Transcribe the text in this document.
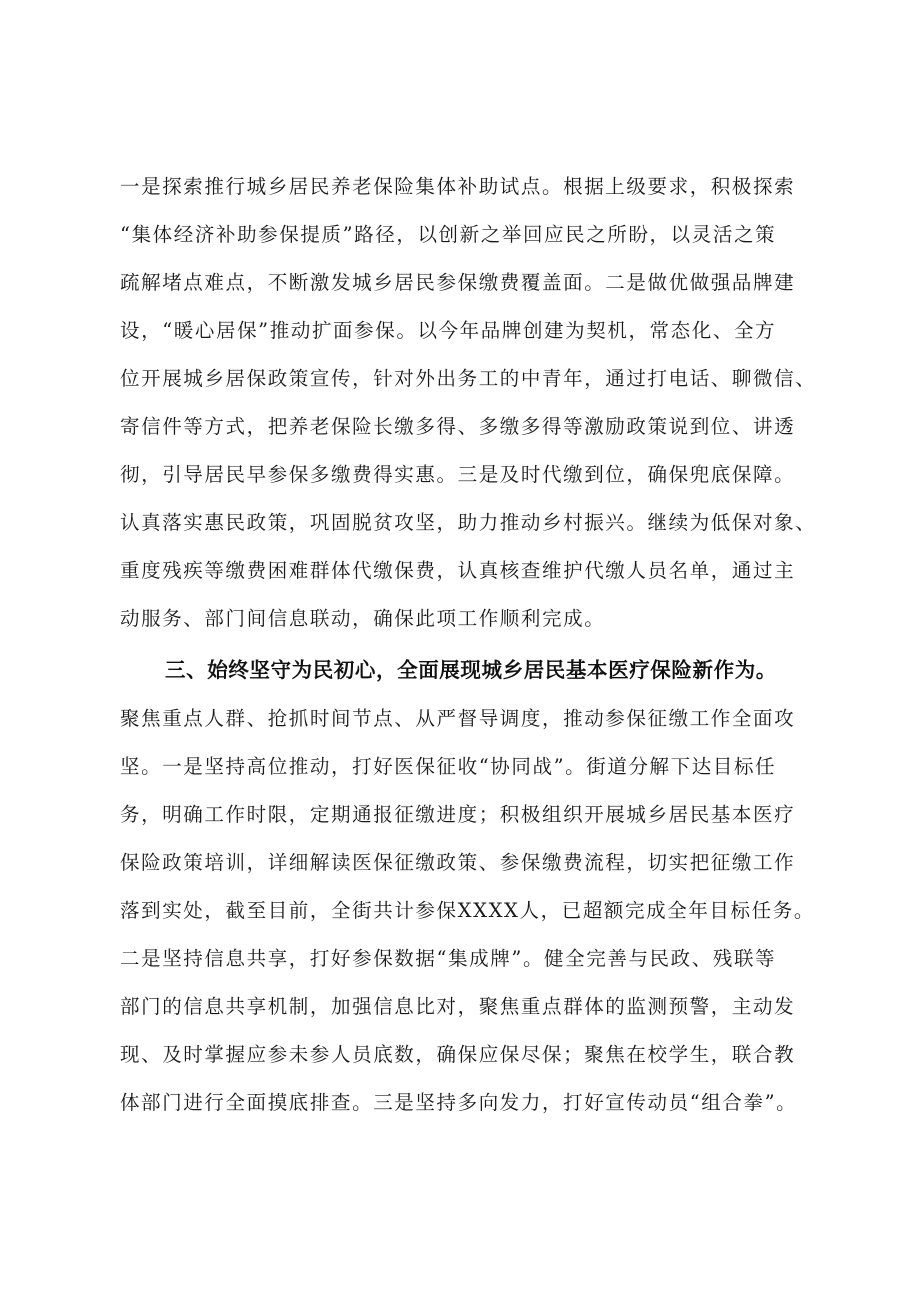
一是探索推行城乡居民养老保险集体补助试点。根据上级要求，积极探索
“集体经济补助参保提质”路径，以创新之举回应民之所盼，以灵活之策
疏解堵点难点，不断激发城乡居民参保缴费覆盖面。二是做优做强品牌建
设，“暖心居保”推动扩面参保。以今年品牌创建为契机，常态化、全方
位开展城乡居保政策宣传，针对外出务工的中青年，通过打电话、聊微信、
寄信件等方式，把养老保险长缴多得、多缴多得等激励政策说到位、讲透
彻，引导居民早参保多缴费得实惠。三是及时代缴到位，确保兜底保障。
认真落实惠民政策，巩固脱贫攻坚，助力推动乡村振兴。继续为低保对象、
重度残疾等缴费困难群体代缴保费，认真核查维护代缴人员名单，通过主
动服务、部门间信息联动，确保此项工作顺利完成。
三、始终坚守为民初心，全面展现城乡居民基本医疗保险新作为。
聚焦重点人群、抢抓时间节点、从严督导调度，推动参保征缴工作全面攻
坚。一是坚持高位推动，打好医保征收“协同战”。街道分解下达目标任
务，明确工作时限，定期通报征缴进度；积极组织开展城乡居民基本医疗
保险政策培训，详细解读医保征缴政策、参保缴费流程，切实把征缴工作
落到实处，截至目前，全街共计参保XXXX人，已超额完成全年目标任务。
二是坚持信息共享，打好参保数据“集成牌”。健全完善与民政、残联等
部门的信息共享机制，加强信息比对，聚焦重点群体的监测预警，主动发
现、及时掌握应参未参人员底数，确保应保尽保；聚焦在校学生，联合教
体部门进行全面摸底排查。三是坚持多向发力，打好宣传动员“组合拳”。
